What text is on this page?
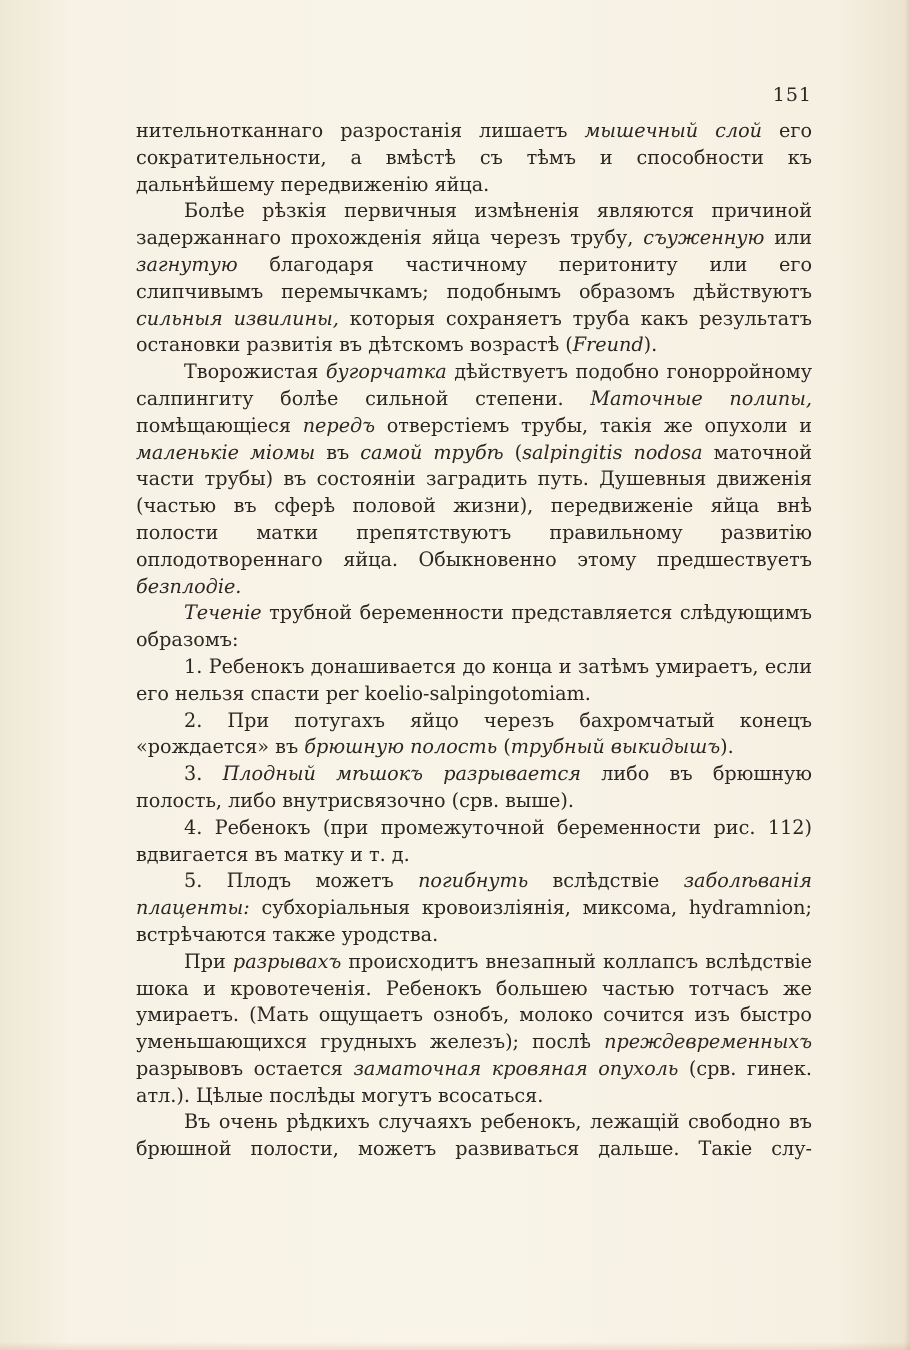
151

нительнотканнаго разростанія лишаетъ мышечный слой его сократительности, а вмѣстѣ съ тѣмъ и способности къ дальнѣйшему передвиженію яйца.

Болѣе рѣзкія первичныя измѣненія являются причиной задержаннаго прохожденія яйца черезъ трубу, съуженную или загнутую благодаря частичному перитониту или его слипчивымъ перемычкамъ; подобнымъ образомъ дѣйствуютъ сильныя извилины, которыя сохраняетъ труба какъ результатъ остановки развитія въ дѣтскомъ возрастѣ (Freund).

Творожистая бугорчатка дѣйствуетъ подобно гонорройному салпингиту болѣе сильной степени. Маточные полипы, помѣщающіеся передъ отверстіемъ трубы, такія же опухоли и маленькіе міомы въ самой трубѣ (salpingitis nodosa маточной части трубы) въ состояніи заградить путь. Душевныя движенія (частью въ сферѣ половой жизни), передвиженіе яйца внѣ полости матки препятствуютъ правильному развитію оплодотвореннаго яйца. Обыкновенно этому предшествуетъ безплодіе.

Теченіе трубной беременности представляется слѣдующимъ образомъ:

1. Ребенокъ донашивается до конца и затѣмъ умираетъ, если его нельзя спасти per koelio-salpingotomiam.

2. При потугахъ яйцо черезъ бахромчатый конецъ «рождается» въ брюшную полость (трубный выкидышъ).

3. Плодный мѣшокъ разрывается либо въ брюшную полость, либо внутрисвязочно (срв. выше).

4. Ребенокъ (при промежуточной беременности рис. 112) вдвигается въ матку и т. д.

5. Плодъ можетъ погибнуть вслѣдствіе заболѣванія плаценты: субхоріальныя кровоизліянія, миксома, hydramnion; встрѣчаются также уродства.

При разрывахъ происходитъ внезапный коллапсъ вслѣдствіе шока и кровотеченія. Ребенокъ большею частью тотчасъ же умираетъ. (Мать ощущаетъ ознобъ, молоко сочится изъ быстро уменьшающихся грудныхъ железъ); послѣ преждевременныхъ разрывовъ остается заматочная кровяная опухоль (срв. гинек. атл.). Цѣлые послѣды могутъ всосаться.

Въ очень рѣдкихъ случаяхъ ребенокъ, лежащій свободно въ брюшной полости, можетъ развиваться дальше. Такіе слу-
